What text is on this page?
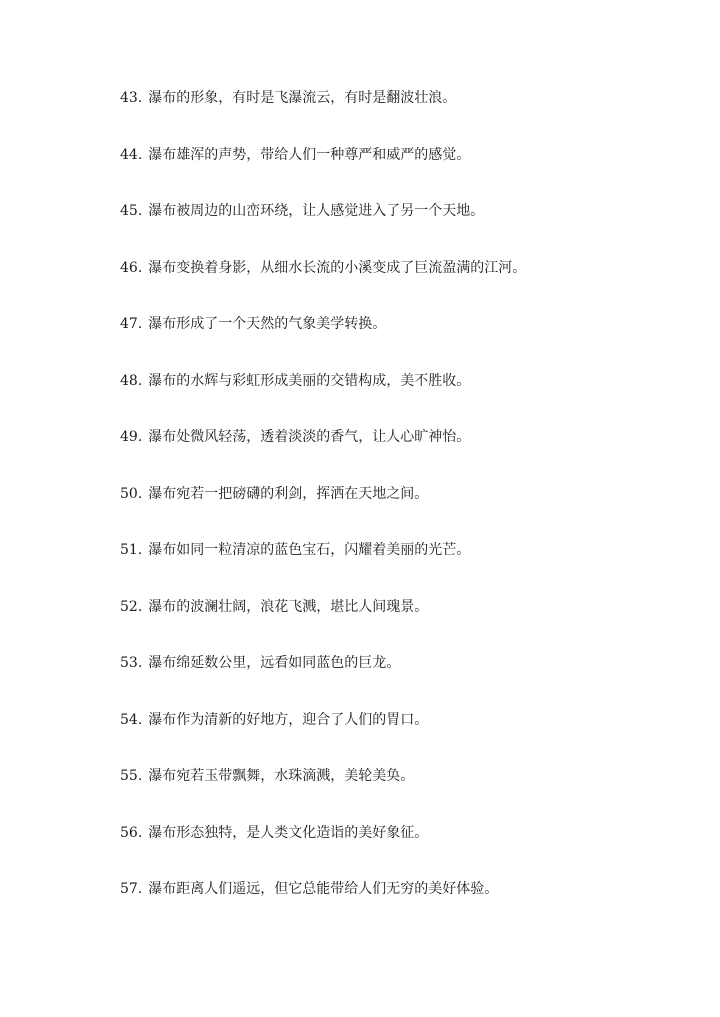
43. 瀑布的形象，有时是飞瀑流云，有时是翻波壮浪。
44. 瀑布雄浑的声势，带给人们一种尊严和威严的感觉。
45. 瀑布被周边的山峦环绕，让人感觉进入了另一个天地。
46. 瀑布变换着身影，从细水长流的小溪变成了巨流盈满的江河。
47. 瀑布形成了一个天然的气象美学转换。
48. 瀑布的水辉与彩虹形成美丽的交错构成，美不胜收。
49. 瀑布处微风轻荡，透着淡淡的香气，让人心旷神怡。
50. 瀑布宛若一把磅礴的利剑，挥洒在天地之间。
51. 瀑布如同一粒清凉的蓝色宝石，闪耀着美丽的光芒。
52. 瀑布的波澜壮阔，浪花飞溅，堪比人间瑰景。
53. 瀑布绵延数公里，远看如同蓝色的巨龙。
54. 瀑布作为清新的好地方，迎合了人们的胃口。
55. 瀑布宛若玉带飘舞，水珠滴溅，美轮美奂。
56. 瀑布形态独特，是人类文化造诣的美好象征。
57. 瀑布距离人们遥远，但它总能带给人们无穷的美好体验。
